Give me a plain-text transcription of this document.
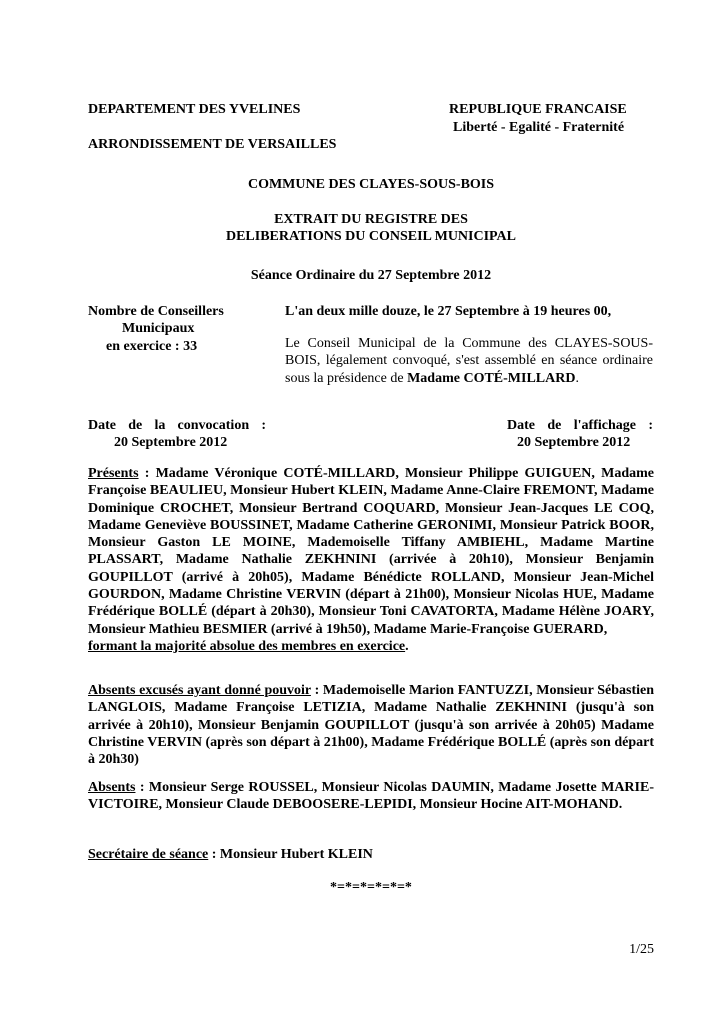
DEPARTEMENT DES YVELINES	REPUBLIQUE FRANCAISE
Liberté - Egalité - Fraternité
ARRONDISSEMENT DE VERSAILLES
COMMUNE DES CLAYES-SOUS-BOIS
EXTRAIT DU REGISTRE DES
DELIBERATIONS DU CONSEIL MUNICIPAL
Séance Ordinaire du 27 Septembre 2012
Nombre de Conseillers
Municipaux
en exercice : 33
L'an deux mille douze, le 27 Septembre à 19 heures 00,
Le Conseil Municipal de la Commune des CLAYES-SOUS-BOIS, légalement convoqué, s'est assemblé en séance ordinaire sous la présidence de Madame COTÉ-MILLARD.
Date de la convocation :
20 Septembre 2012
Date de l'affichage :
20 Septembre 2012
Présents : Madame Véronique COTÉ-MILLARD, Monsieur Philippe GUIGUEN, Madame Françoise BEAULIEU, Monsieur Hubert KLEIN, Madame Anne-Claire FREMONT, Madame Dominique CROCHET, Monsieur Bertrand COQUARD, Monsieur Jean-Jacques LE COQ, Madame Geneviève BOUSSINET, Madame Catherine GERONIMI, Monsieur Patrick BOOR, Monsieur Gaston LE MOINE, Mademoiselle Tiffany AMBIEHL, Madame Martine PLASSART, Madame Nathalie ZEKHNINI (arrivée à 20h10), Monsieur Benjamin GOUPILLOT (arrivé à 20h05), Madame Bénédicte ROLLAND, Monsieur Jean-Michel GOURDON, Madame Christine VERVIN (départ à 21h00), Monsieur Nicolas HUE, Madame Frédérique BOLLÉ (départ à 20h30), Monsieur Toni CAVATORTA, Madame Hélène JOARY, Monsieur Mathieu BESMIER (arrivé à 19h50), Madame Marie-Françoise GUERARD,
formant la majorité absolue des membres en exercice.
Absents excusés ayant donné pouvoir : Mademoiselle Marion FANTUZZI, Monsieur Sébastien LANGLOIS, Madame Françoise LETIZIA, Madame Nathalie ZEKHNINI (jusqu'à son arrivée à 20h10), Monsieur Benjamin GOUPILLOT (jusqu'à son arrivée à 20h05) Madame Christine VERVIN (après son départ à 21h00), Madame Frédérique BOLLÉ (après son départ à 20h30)
Absents : Monsieur Serge ROUSSEL, Monsieur Nicolas DAUMIN, Madame Josette MARIE-VICTOIRE, Monsieur Claude DEBOOSERE-LEPIDI, Monsieur Hocine AIT-MOHAND.
Secrétaire de séance : Monsieur Hubert KLEIN
*=*=*=*=*=*
1/25
